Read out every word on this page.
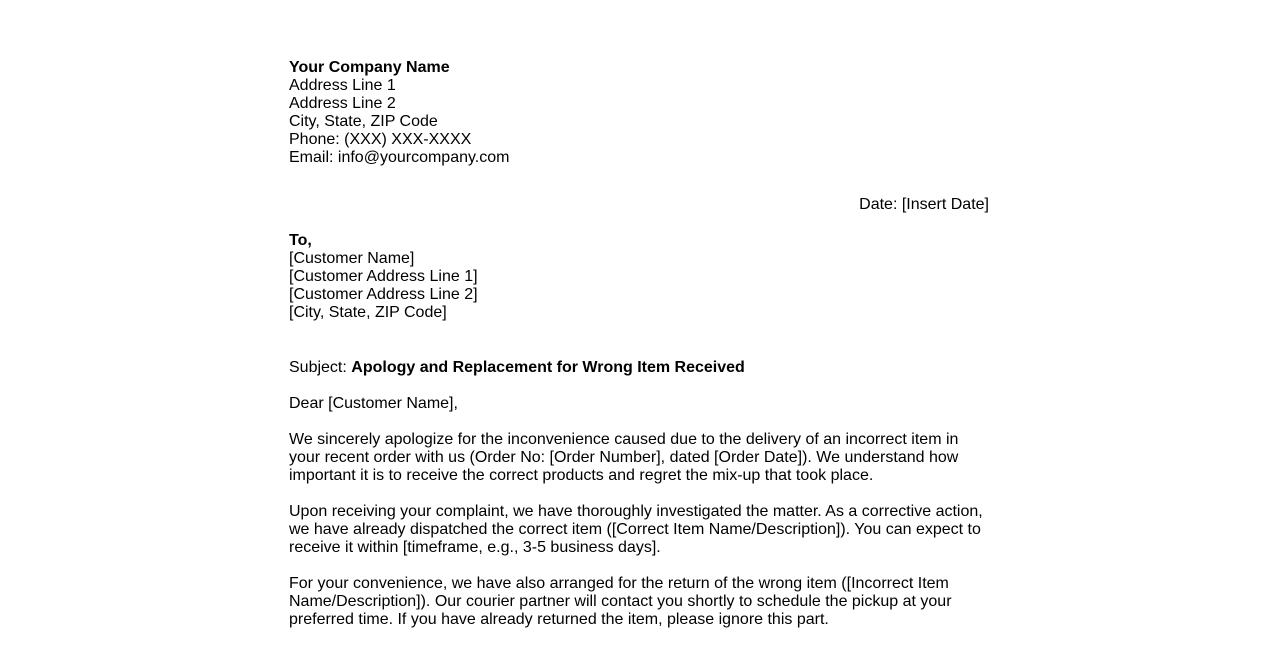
Your Company Name
Address Line 1
Address Line 2
City, State, ZIP Code
Phone: (XXX) XXX-XXXX
Email: info@yourcompany.com
Date: [Insert Date]
To,
[Customer Name]
[Customer Address Line 1]
[Customer Address Line 2]
[City, State, ZIP Code]
Subject: Apology and Replacement for Wrong Item Received
Dear [Customer Name],
We sincerely apologize for the inconvenience caused due to the delivery of an incorrect item in
your recent order with us (Order No: [Order Number], dated [Order Date]). We understand how
important it is to receive the correct products and regret the mix-up that took place.
Upon receiving your complaint, we have thoroughly investigated the matter. As a corrective action,
we have already dispatched the correct item ([Correct Item Name/Description]). You can expect to
receive it within [timeframe, e.g., 3-5 business days].
For your convenience, we have also arranged for the return of the wrong item ([Incorrect Item
Name/Description]). Our courier partner will contact you shortly to schedule the pickup at your
preferred time. If you have already returned the item, please ignore this part.
